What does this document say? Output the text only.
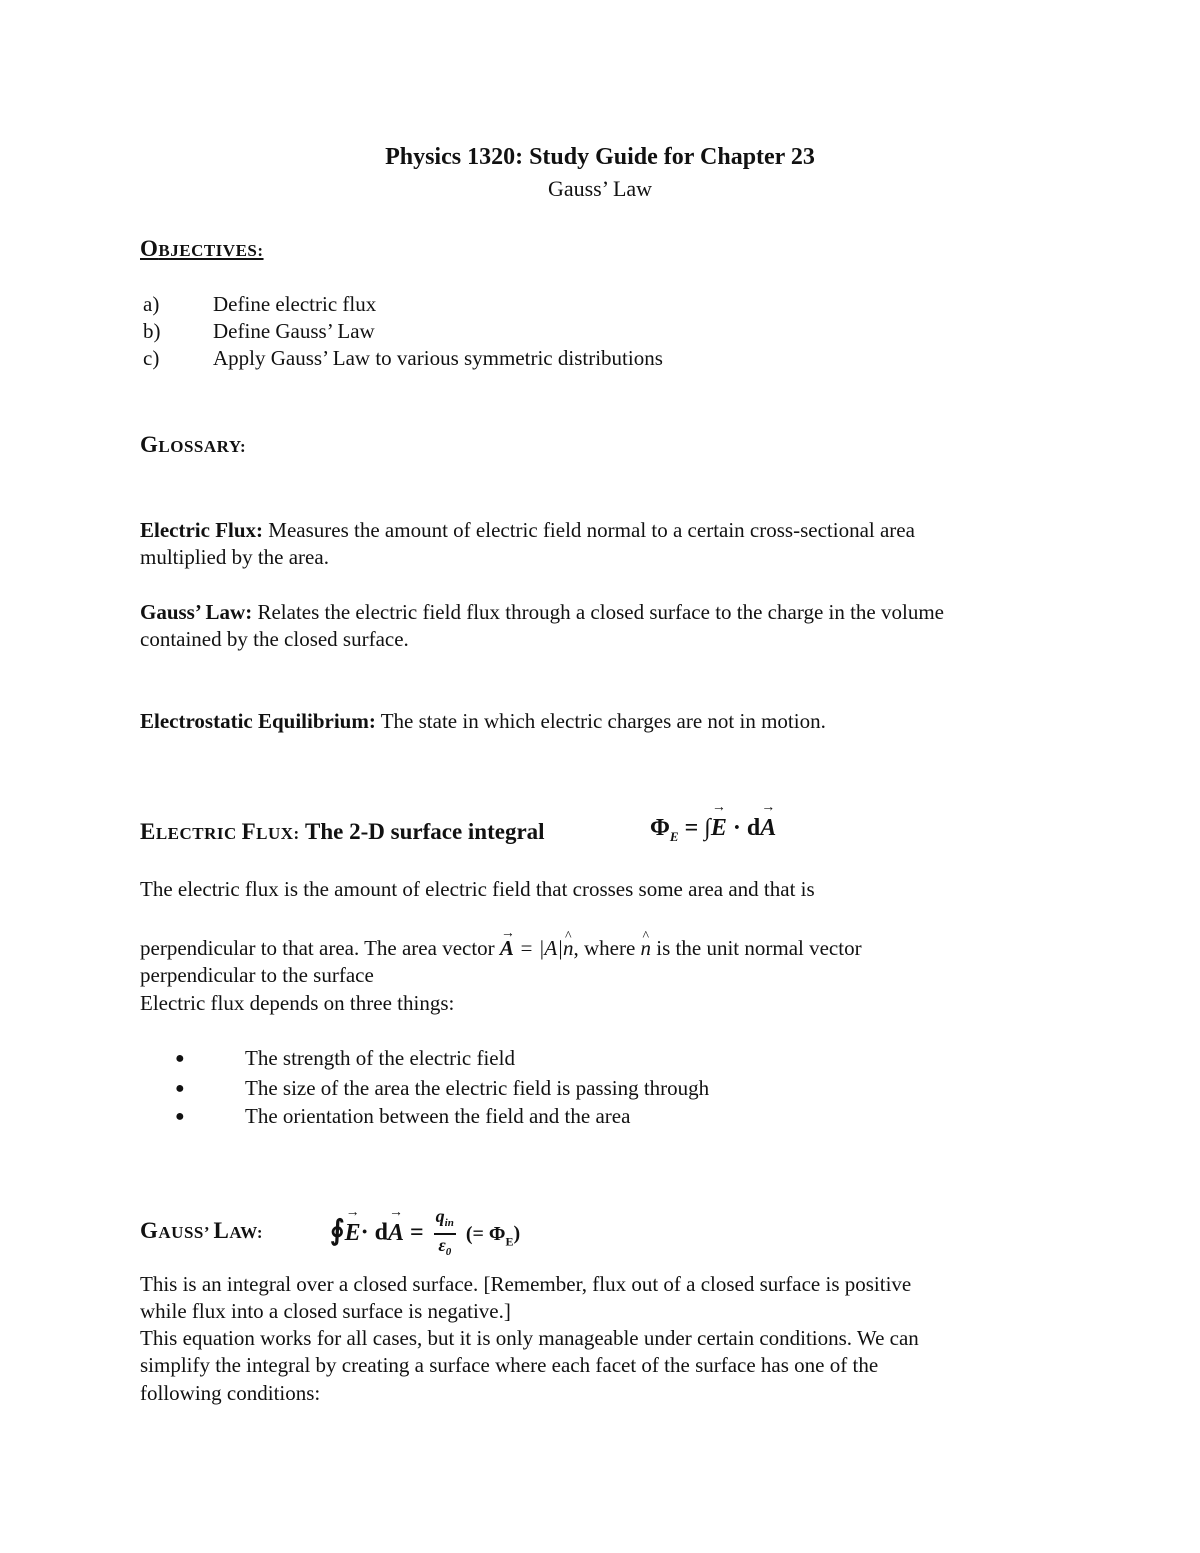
Physics 1320: Study Guide for Chapter 23
Gauss’ Law
OBJECTIVES:
a)	Define electric flux
b)	Define Gauss’ Law
c)	Apply Gauss’ Law to various symmetric distributions
GLOSSARY:
Electric Flux: Measures the amount of electric field normal to a certain cross-sectional area
multiplied by the area.
Gauss’ Law: Relates the electric field flux through a closed surface to the charge in the volume
contained by the closed surface.
Electrostatic Equilibrium: The state in which electric charges are not in motion.
ELECTRIC FLUX: The 2-D surface integral	$\Phi_E$ = ∫→ E · d→ A
The electric flux is the amount of electric field that crosses some area and that is
perpendicular to that area. The area vector → A = |A|^ n, where ^ n is the unit normal vector
perpendicular to the surface
Electric flux depends on three things:
●	The strength of the electric field
●	The size of the area the electric field is passing through
●	The orientation between the field and the area
GAUSS’ LAW: ∮→ $E\cdot d\to A = \frac{q_{in}}{\varepsilon_0}$ (= $\Phi_E$)
This is an integral over a closed surface. [Remember, flux out of a closed surface is positive
while flux into a closed surface is negative.]
This equation works for all cases, but it is only manageable under certain conditions. We can
simplify the integral by creating a surface where each facet of the surface has one of the
following conditions:
